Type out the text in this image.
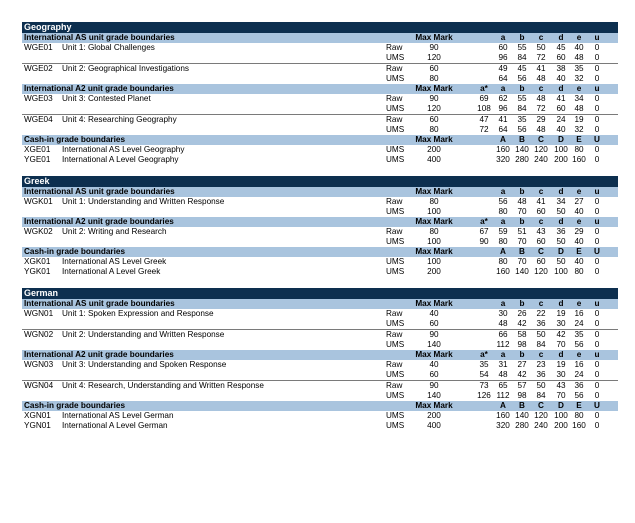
Geography
International AS unit grade boundaries	Max Mark	a	b	c	d	e	u
WGE01 Unit 1: Global Challenges	Raw	90	60	55	50	45	40	0
UMS	120	96	84	72	60	48	0
WGE02 Unit 2: Geographical Investigations	Raw	60	49	45	41	38	35	0
UMS	80	64	56	48	40	32	0
International A2 unit grade boundaries	Max Mark	a*	a	b	c	d	e	u
WGE03 Unit 3: Contested Planet	Raw	90	69	62	55	48	41	34	0
UMS	120	108 96	84	72	60	48	0
WGE04 Unit 4: Researching Geography	Raw	60	47	41	35	29	24	19	0
UMS	80	72	64	56	48	40	32	0
Cash-in grade boundaries	Max Mark	A	B	C	D	E	U
XGE01 International AS Level Geography	UMS	200	160 140 120 100 80	0
YGE01 International A Level Geography	UMS	400	320 280 240 200 160	0
Greek
International AS unit grade boundaries	Max Mark	a	b	c	d	e	u
WGK01 Unit 1: Understanding and Written Response	Raw	80	56	48	41	34	27	0
UMS	100	80	70	60	50	40	0
International A2 unit grade boundaries	Max Mark	a*	a	b	c	d	e	u
WGK02 Unit 2: Writing and Research	Raw	80	67	59	51	43	36	29	0
UMS	100	90	80	70	60	50	40	0
Cash-in grade boundaries	Max Mark	A	B	C	D	E	U
XGK01 International AS Level Greek	UMS	100	80	70	60	50	40	0
YGK01 International A Level Greek	UMS	200	160 140 120 100 80	0
German
International AS unit grade boundaries	Max Mark	a	b	c	d	e	u
WGN01 Unit 1: Spoken Expression and Response	Raw	40	30	26	22	19	16	0
UMS	60	48	42	36	30	24	0
WGN02 Unit 2: Understanding and Written Response	Raw	90	66	58	50	42	35	0
UMS	140	112 98	84	70	56	0
International A2 unit grade boundaries	Max Mark	a*	a	b	c	d	e	u
WGN03 Unit 3: Understanding and Spoken Response	Raw	40	35	31	27	23	19	16	0
UMS	60	54	48	42	36	30	24	0
WGN04 Unit 4: Research, Understanding and Written Response	Raw	90	73	65	57	50	43	36	0
UMS	140	126 112 98	84	70	56	0
Cash-in grade boundaries	Max Mark	A	B	C	D	E	U
XGN01 International AS Level German	UMS	200	160 140 120 100 80	0
YGN01 International A Level German	UMS	400	320 280 240 200 160	0
